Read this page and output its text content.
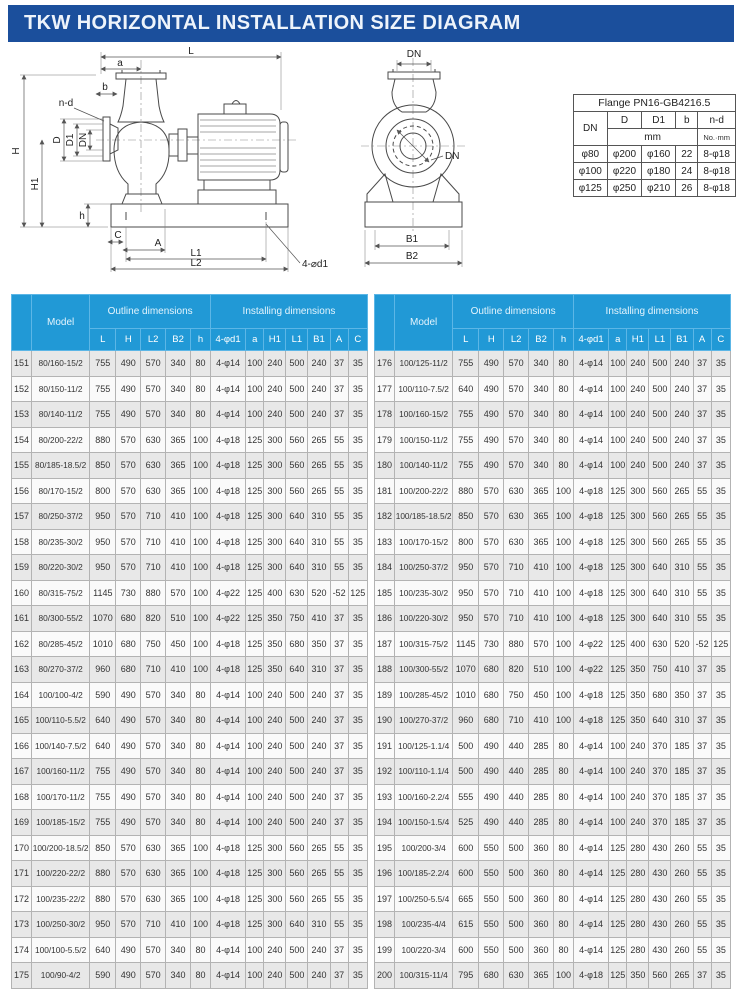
TKW HORIZONTAL INSTALLATION SIZE DIAGRAM
L
a
b
n-d
H
H1
D D1 DN
h
C
A
L1
L2	4-⌀d1
DN
DN
B1
B2
Flange PN16-GB4216.5				
DN	D	D1	b	n-d
	mm			No.·mm
φ80	φ200	φ160	22	8-φ18
φ100	φ220	φ180	24	8-φ18
φ125	φ250	φ210	26	8-φ18
	Model	Outline dimensions					Installing dimensions						
		L	H	L2	B2	h	4-φd1	a	H1	L1	B1	A	C
151	80/160-15/2	755	490	570	340	80	4-φ14	100	240	500	240	37	35
152	80/150-11/2	755	490	570	340	80	4-φ14	100	240	500	240	37	35
153	80/140-11/2	755	490	570	340	80	4-φ14	100	240	500	240	37	35
154	80/200-22/2	880	570	630	365	100	4-φ18	125	300	560	265	55	35
155	80/185-18.5/2	850	570	630	365	100	4-φ18	125	300	560	265	55	35
156	80/170-15/2	800	570	630	365	100	4-φ18	125	300	560	265	55	35
157	80/250-37/2	950	570	710	410	100	4-φ18	125	300	640	310	55	35
158	80/235-30/2	950	570	710	410	100	4-φ18	125	300	640	310	55	35
159	80/220-30/2	950	570	710	410	100	4-φ18	125	300	640	310	55	35
160	80/315-75/2	1145	730	880	570	100	4-φ22	125	400	630	520	-52	125
161	80/300-55/2	1070	680	820	510	100	4-φ22	125	350	750	410	37	35
162	80/285-45/2	1010	680	750	450	100	4-φ18	125	350	680	350	37	35
163	80/270-37/2	960	680	710	410	100	4-φ18	125	350	640	310	37	35
164	100/100-4/2	590	490	570	340	80	4-φ14	100	240	500	240	37	35
165	100/110-5.5/2	640	490	570	340	80	4-φ14	100	240	500	240	37	35
166	100/140-7.5/2	640	490	570	340	80	4-φ14	100	240	500	240	37	35
167	100/160-11/2	755	490	570	340	80	4-φ14	100	240	500	240	37	35
168	100/170-11/2	755	490	570	340	80	4-φ14	100	240	500	240	37	35
169	100/185-15/2	755	490	570	340	80	4-φ14	100	240	500	240	37	35
170	100/200-18.5/2	850	570	630	365	100	4-φ18	125	300	560	265	55	35
171	100/220-22/2	880	570	630	365	100	4-φ18	125	300	560	265	55	35
172	100/235-22/2	880	570	630	365	100	4-φ18	125	300	560	265	55	35
173	100/250-30/2	950	570	710	410	100	4-φ18	125	300	640	310	55	35
174	100/100-5.5/2	640	490	570	340	80	4-φ14	100	240	500	240	37	35
175	100/90-4/2	590	490	570	340	80	4-φ14	100	240	500	240	37	35
	Model	Outline dimensions					Installing dimensions						
		L	H	L2	B2	h	4-φd1	a	H1	L1	B1	A	C
176	100/125-11/2	755	490	570	340	80	4-φ14	100	240	500	240	37	35
177	100/110-7.5/2	640	490	570	340	80	4-φ14	100	240	500	240	37	35
178	100/160-15/2	755	490	570	340	80	4-φ14	100	240	500	240	37	35
179	100/150-11/2	755	490	570	340	80	4-φ14	100	240	500	240	37	35
180	100/140-11/2	755	490	570	340	80	4-φ14	100	240	500	240	37	35
181	100/200-22/2	880	570	630	365	100	4-φ18	125	300	560	265	55	35
182	100/185-18.5/2	850	570	630	365	100	4-φ18	125	300	560	265	55	35
183	100/170-15/2	800	570	630	365	100	4-φ18	125	300	560	265	55	35
184	100/250-37/2	950	570	710	410	100	4-φ18	125	300	640	310	55	35
185	100/235-30/2	950	570	710	410	100	4-φ18	125	300	640	310	55	35
186	100/220-30/2	950	570	710	410	100	4-φ18	125	300	640	310	55	35
187	100/315-75/2	1145	730	880	570	100	4-φ22	125	400	630	520	-52	125
188	100/300-55/2	1070	680	820	510	100	4-φ22	125	350	750	410	37	35
189	100/285-45/2	1010	680	750	450	100	4-φ18	125	350	680	350	37	35
190	100/270-37/2	960	680	710	410	100	4-φ18	125	350	640	310	37	35
191	100/125-1.1/4	500	490	440	285	80	4-φ14	100	240	370	185	37	35
192	100/110-1.1/4	500	490	440	285	80	4-φ14	100	240	370	185	37	35
193	100/160-2.2/4	555	490	440	285	80	4-φ14	100	240	370	185	37	35
194	100/150-1.5/4	525	490	440	285	80	4-φ14	100	240	370	185	37	35
195	100/200-3/4	600	550	500	360	80	4-φ14	125	280	430	260	55	35
196	100/185-2.2/4	600	550	500	360	80	4-φ14	125	280	430	260	55	35
197	100/250-5.5/4	665	550	500	360	80	4-φ14	125	280	430	260	55	35
198	100/235-4/4	615	550	500	360	80	4-φ14	125	280	430	260	55	35
199	100/220-3/4	600	550	500	360	80	4-φ14	125	280	430	260	55	35
200	100/315-11/4	795	680	630	365	100	4-φ18	125	350	560	265	37	35
